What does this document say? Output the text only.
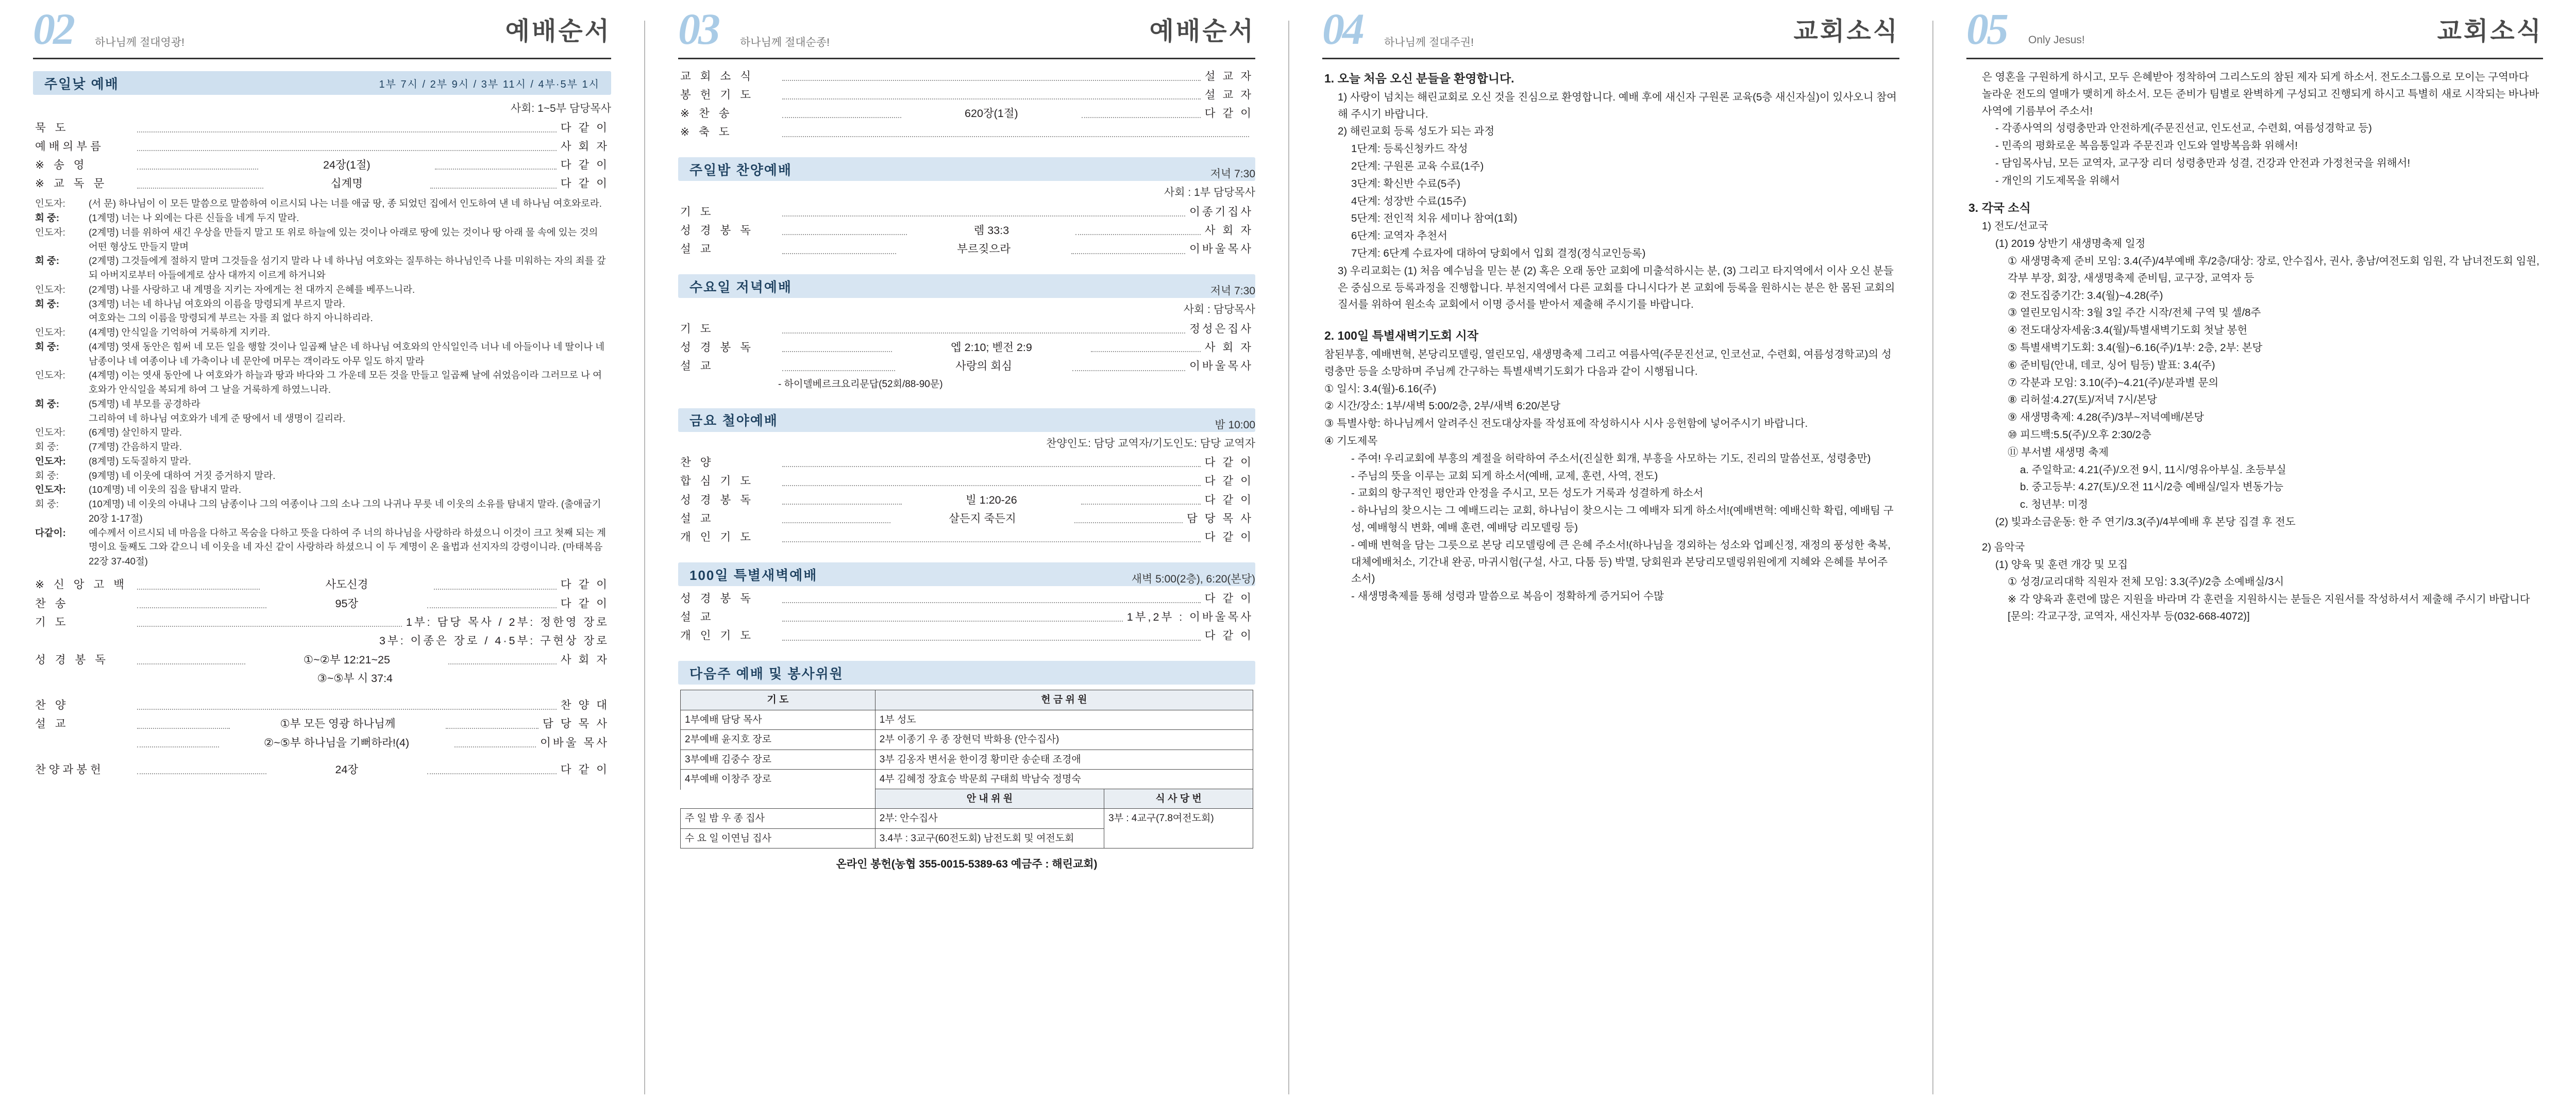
02 하나님께 절대영광!	예배순서
주일낮 예배	1부 7시 / 2부 9시 / 3부 11시 / 4부·5부 1시
사회: 1~5부 담당목사
묵 도	다 같 이
예배의부름	사 회 자
※ 송 영	24장(1절)	다 같 이
※ 교 독 문	십계명	다 같 이
인도자:	(서 문) 하나님이 이 모든 말씀으로 말씀하여 이르시되 나는 너를 애굽 땅, 종 되었던 집에서 인도하여 낸 네 하나님 여호와로라.
회 중:	(1계명) 너는 나 외에는 다른 신들을 네게 두지 말라.
인도자:	(2계명) 너를 위하여 새긴 우상을 만들지 말고 또 위로 하늘에 있는 것이나 아래로 땅에 있는 것이나 땅 아래 물 속에 있는 것의 어떤 형상도 만들지 말며
회 중:	(2계명) 그것들에게 절하지 말며 그것들을 섬기지 말라 나 네 하나님 여호와는 질투하는 하나님인즉 나를 미워하는 자의 죄를 갚되 아버지로부터 아들에게로 삼사 대까지 이르게 하거니와
인도자:	(2계명) 나를 사랑하고 내 계명을 지키는 자에게는 천 대까지 은혜를 베푸느니라.
회 중:	(3계명) 너는 네 하나님 여호와의 이름을 망령되게 부르지 말라.
여호와는 그의 이름을 망령되게 부르는 자를 죄 없다 하지 아니하리라.
인도자:	(4계명) 안식일을 기억하여 거룩하게 지키라.
회 중:	(4계명) 엿새 동안은 힘써 네 모든 일을 행할 것이나 일곱째 날은 네 하나님 여호와의 안식일인즉 너나 네 아들이나 네 딸이나 네 남종이나 네 여종이나 네 가축이나 네 문안에 머무는 객이라도 아무 일도 하지 말라
인도자:	(4계명) 이는 엿새 동안에 나 여호와가 하늘과 땅과 바다와 그 가운데 모든 것을 만들고 일곱째 날에 쉬었음이라 그러므로 나 여호와가 안식일을 복되게 하여 그 날을 거룩하게 하였느니라.
회 중:	(5계명) 네 부모를 공경하라
그리하여 네 하나님 여호와가 네게 준 땅에서 네 생명이 길리라.
인도자:	(6계명) 살인하지 말라.
회 중:	(7계명) 간음하지 말라.
인도자:	(8계명) 도둑질하지 말라.
회 중:	(9계명) 네 이웃에 대하여 거짓 증거하지 말라.
인도자:	(10계명) 네 이웃의 집을 탐내지 말라.
회 중:	(10계명) 네 이웃의 아내나 그의 남종이나 그의 여종이나 그의 소나 그의 나귀나 무릇 네 이웃의 소유를 탐내지 말라. (출애굽기 20장 1-17절)
다같이:	예수께서 이르시되 네 마음을 다하고 목숨을 다하고 뜻을 다하여 주 너의 하나님을 사랑하라 하셨으니 이것이 크고 첫째 되는 계명이요 둘째도 그와 같으니 네 이웃을 네 자신 같이 사랑하라 하셨으니 이 두 계명이 온 율법과 선지자의 강령이니라. (마태복음 22장 37-40절)
※ 신 앙 고 백	사도신경	다 같 이
찬 송	95장	다 같 이
기 도	1부: 담당 목사 / 2부: 정한영 장로
3부: 이종은 장로 / 4·5부: 구현상 장로
성 경 봉 독	①~②부 12:21~25	사 회 자
③~⑤부 시 37:4
찬 양	찬 양 대
설 교	①부 모든 영광 하나님께	담 당 목 사
②~⑤부 하나님을 기뻐하라!(4)	이바울 목사
찬양과봉헌	24장	다 같 이
03 하나님께 절대순종!	예배순서
교 회 소 식	설 교 자
봉 헌 기 도	설 교 자
※ 찬 송	620장(1절)	다 같 이
※ 축 도
주일밤 찬양예배	저녁 7:30
사회 : 1부 담당목사
기 도	이종기집사
성 경 봉 독	렘 33:3	사 회 자
설 교	부르짖으라	이바울목사
수요일 저녁예배	저녁 7:30
사회 : 담당목사
기 도	정성은집사
성 경 봉 독	엡 2:10; 벧전 2:9	사 회 자
설 교	사랑의 회심	이바울목사
- 하이델베르크요리문답(52회/88-90문)
금요 철야예배	밤 10:00
찬양인도: 담당 교역자/기도인도: 담당 교역자
찬 양	다 같 이
합 심 기 도	다 같 이
성 경 봉 독	빌 1:20-26	다 같 이
설 교	살든지 죽든지	담 당 목 사
개 인 기 도	다 같 이
100일 특별새벽예배	새벽 5:00(2층), 6:20(본당)
성 경 봉 독	다 같 이
설 교	1부,2부 : 이바울목사
개 인 기 도	다 같 이
다음주 예배 및 봉사위원
기 도	헌 금 위 원
1부예배 담당 목사	1부 성도
2부예배 윤지호 장로	2부 이종기 우 종 장현덕 박화용 (안수집사)
3부예배 김중수 장로	3부 김옹자 변서윤 한이경 황미란 송순태 조경애
4부예배 이창주 장로	4부 김혜정 장효승 박문희 구태희 박남숙 정명숙
	안 내 위 원	식 사 당 번
주 일 밤 우 종 집사	2부: 안수집사	3부 : 4교구(7.8여전도회)
수 요 일 이연님 집사	3.4부 : 3교구(60전도회) 남전도회 및 여전도회	
온라인 봉헌(농협 355-0015-5389-63 예금주 : 해린교회)
04 하나님께 절대주권!	교회소식
1. 오늘 처음 오신 분들을 환영합니다.
1) 사랑이 넘치는 해린교회로 오신 것을 진심으로 환영합니다. 예배 후에 새신자 구원론 교육(5층 새신자실)이 있사오니 참여해 주시기 바랍니다.
2) 해린교회 등록 성도가 되는 과정
1단계: 등록신청카드 작성
2단계: 구원론 교육 수료(1주)
3단계: 확신반 수료(5주)
4단계: 성장반 수료(15주)
5단계: 전인적 치유 세미나 참여(1회)
6단계: 교역자 추천서
7단계: 6단계 수료자에 대하여 당회에서 입회 결정(정식교인등록)
3) 우리교회는 (1) 처음 예수님을 믿는 분 (2) 혹은 오래 동안 교회에 미출석하시는 분, (3) 그리고 타지역에서 이사 오신 분들은 중심으로 등록과정을 진행합니다. 부천지역에서 다른 교회를 다니시다가 본 교회에 등록을 원하시는 분은 한 몸된 교회의 질서를 위하여 원소속 교회에서 이명 증서를 받아서 제출해 주시기를 바랍니다.
2. 100일 특별새벽기도회 시작
참된부흥, 예배변혁, 본당리모델링, 열린모임, 새생명축제 그리고 여름사역(주문진선교, 인코선교, 수련회, 여름성경학교)의 성령충만 등을 소망하며 주님께 간구하는 특별새벽기도회가 다음과 같이 시행됩니다.
① 일시: 3.4(월)-6.16(주)
② 시간/장소: 1부/새벽 5:00/2층, 2부/새벽 6:20/본당
③ 특별사항: 하나님께서 알려주신 전도대상자를 작성표에 작성하시사 시사 응헌함에 넣어주시기 바랍니다.
④ 기도제목
- 주여! 우리교회에 부흥의 계절을 허락하여 주소서(진실한 회개, 부흥을 사모하는 기도, 진리의 말씀선포, 성령충만)
- 주님의 뜻을 이루는 교회 되게 하소서(예배, 교제, 훈련, 사역, 전도)
- 교회의 항구적인 평안과 안정을 주시고, 모든 성도가 거룩과 성결하게 하소서
- 하나님의 찾으시는 그 예배드리는 교회, 하나님이 찾으시는 그 예배자 되게 하소서!(예배변혁: 예배신학 확립, 예배팀 구성, 예배형식 변화, 예배 훈련, 예배당 리모델링 등)
- 예배 변혁을 담는 그릇으로 본당 리모델링에 큰 은혜 주소서!(하나님을 경외하는 성소와 업폐신정, 재정의 풍성한 축복, 대체에배처소, 기간내 완공, 마귀시험(구설, 사고, 다툼 등) 박멸, 당회원과 본당리모델링위원에게 지혜와 은혜를 부어주소서)
- 새생명축제를 통해 성령과 말씀으로 복음이 정확하게 증거되어 수많
05 Only Jesus!	교회소식
은 영혼을 구원하게 하시고, 모두 은혜받아 정착하여 그리스도의 참된 제자 되게 하소서. 전도소그룹으로 모이는 구역마다 놀라운 전도의 열매가 맺히게 하소서. 모든 준비가 팀별로 완벽하게 구성되고 진행되게 하시고 특별히 새로 시작되는 바나바 사역에 기름부어 주소서!
- 각종사역의 성령충만과 안전하게(주문진선교, 인도선교, 수련회, 여름성경학교 등)
- 민족의 평화로운 복음통일과 주문진과 인도와 열방복음화 위해서!
- 담임목사님, 모든 교역자, 교구장 리더 성령충만과 성결, 건강과 안전과 가정천국을 위해서!
- 개인의 기도제목을 위해서
3. 각국 소식
1) 전도/선교국
(1) 2019 상반기 새생명축제 일정
① 새생명축제 준비 모임: 3.4(주)/4부예배 후/2층/대상: 장로, 안수집사, 권사, 총남/여전도회 임원, 각 남녀전도회 임원, 각부 부장, 회장, 새생명축제 준비팀, 교구장, 교역자 등
② 전도집중기간: 3.4(월)~4.28(주)
③ 열린모임시작: 3월 3일 주간 시작/전체 구역 및 셀/8주
④ 전도대상자세움:3.4(월)/특별새벽기도회 첫날 봉헌
⑤ 특별새벽기도회: 3.4(월)~6.16(주)/1부: 2층, 2부: 본당
⑥ 준비팀(안내, 데코, 싱어 팀등) 발표: 3.4(주)
⑦ 각분과 모임: 3.10(주)~4.21(주)/분과별 문의
⑧ 리허설:4.27(토)/저녁 7시/본당
⑨ 새생명축제: 4.28(주)/3부~저녁예배/본당
⑩ 피드백:5.5(주)/오후 2:30/2층
⑪ 부서별 새생명 축제
a. 주일학교: 4.21(주)/오전 9시, 11시/영유아부실. 초등부실
b. 중고등부: 4.27(토)/오전 11시/2층 예배실/일자 변동가능
c. 청년부: 미정
(2) 빛과소금운동: 한 주 연기/3.3(주)/4부예배 후 본당 집결 후 전도
2) 음악국
(1) 양육 및 훈련 개강 및 모집
① 성경/교리대학 직원자 전체 모임: 3.3(주)/2층 소예배실/3시
※ 각 양육과 훈련에 많은 지원을 바라며 각 훈련을 지원하시는 분들은 지원서를 작성하셔서 제출해 주시기 바랍니다[문의: 각교구장, 교역자, 새신자부 등(032-668-4072)]
